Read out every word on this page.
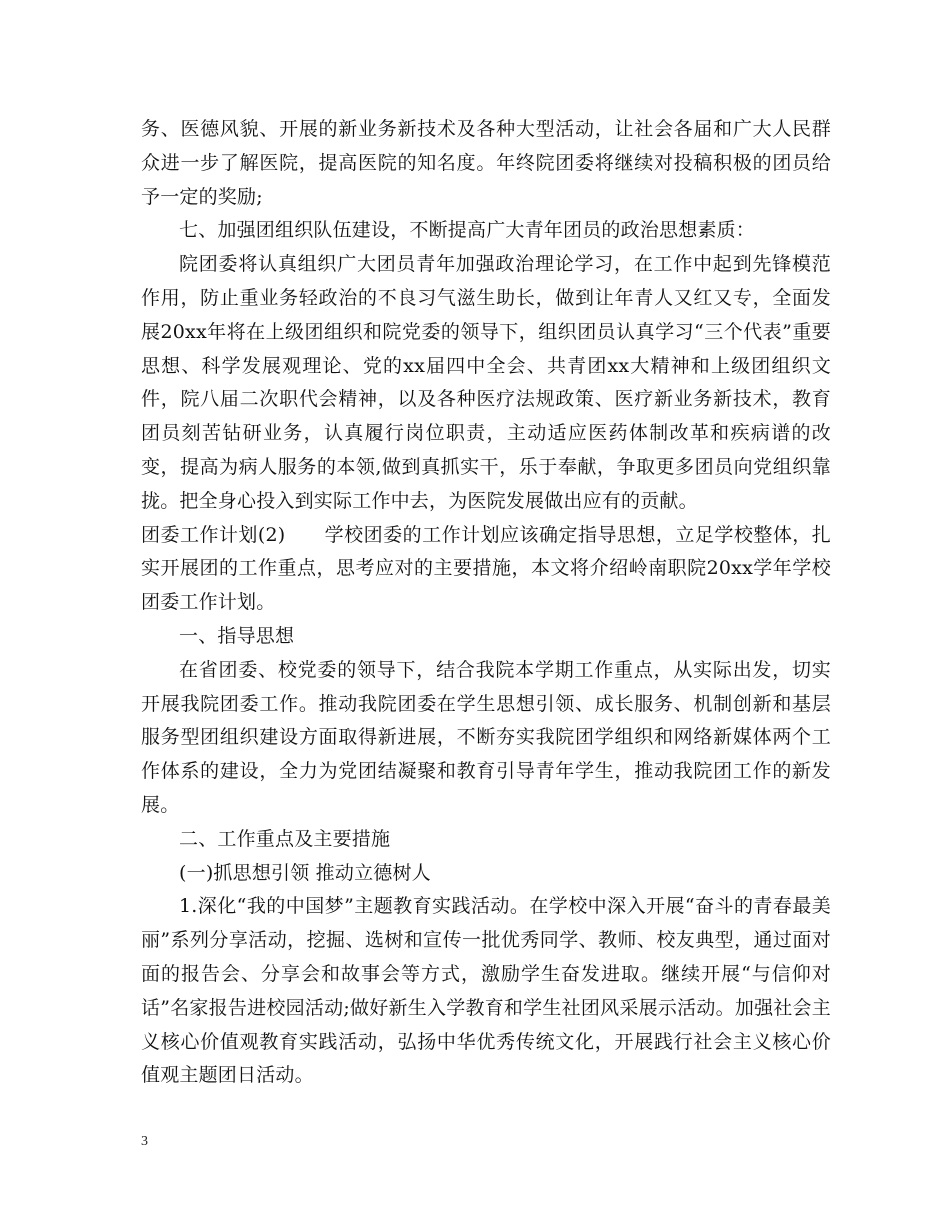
务、医德风貌、开展的新业务新技术及各种大型活动，让社会各届和广大人民群众进一步了解医院，提高医院的知名度。年终院团委将继续对投稿积极的团员给予一定的奖励;

七、加强团组织队伍建设，不断提高广大青年团员的政治思想素质：

院团委将认真组织广大团员青年加强政治理论学习，在工作中起到先锋模范作用，防止重业务轻政治的不良习气滋生助长，做到让年青人又红又专，全面发展20xx年将在上级团组织和院党委的领导下，组织团员认真学习“三个代表”重要思想、科学发展观理论、党的xx届四中全会、共青团xx大精神和上级团组织文件，院八届二次职代会精神，以及各种医疗法规政策、医疗新业务新技术，教育团员刻苦钻研业务，认真履行岗位职责，主动适应医药体制改革和疾病谱的改变，提高为病人服务的本领,做到真抓实干，乐于奉献，争取更多团员向党组织靠拢。把全身心投入到实际工作中去，为医院发展做出应有的贡献。

团委工作计划(2)　　学校团委的工作计划应该确定指导思想，立足学校整体，扎实开展团的工作重点，思考应对的主要措施，本文将介绍岭南职院20xx学年学校团委工作计划。

一、指导思想

在省团委、校党委的领导下，结合我院本学期工作重点，从实际出发，切实开展我院团委工作。推动我院团委在学生思想引领、成长服务、机制创新和基层服务型团组织建设方面取得新进展，不断夯实我院团学组织和网络新媒体两个工作体系的建设，全力为党团结凝聚和教育引导青年学生，推动我院团工作的新发展。

二、工作重点及主要措施

(一)抓思想引领 推动立德树人

1.深化“我的中国梦”主题教育实践活动。在学校中深入开展“奋斗的青春最美丽”系列分享活动，挖掘、选树和宣传一批优秀同学、教师、校友典型，通过面对面的报告会、分享会和故事会等方式，激励学生奋发进取。继续开展“与信仰对话”名家报告进校园活动;做好新生入学教育和学生社团风采展示活动。加强社会主义核心价值观教育实践活动，弘扬中华优秀传统文化，开展践行社会主义核心价值观主题团日活动。

3
